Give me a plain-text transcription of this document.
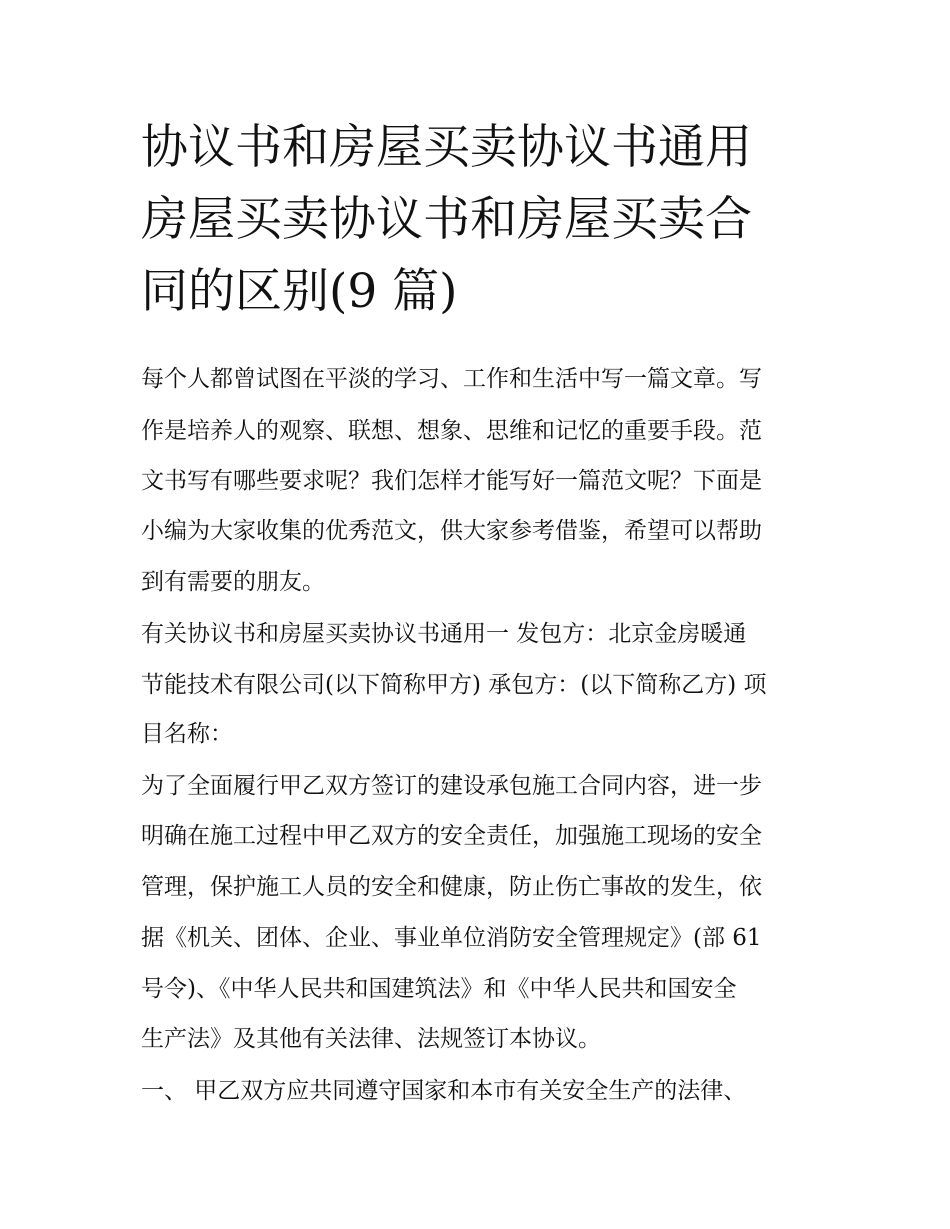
协议书和房屋买卖协议书通用
房屋买卖协议书和房屋买卖合
同的区别(9 篇)
每个人都曾试图在平淡的学习、工作和生活中写一篇文章。写
作是培养人的观察、联想、想象、思维和记忆的重要手段。范
文书写有哪些要求呢？我们怎样才能写好一篇范文呢？下面是
小编为大家收集的优秀范文，供大家参考借鉴，希望可以帮助
到有需要的朋友。
有关协议书和房屋买卖协议书通用一 发包方：北京金房暖通
节能技术有限公司(以下简称甲方) 承包方：(以下简称乙方) 项
目名称：
为了全面履行甲乙双方签订的建设承包施工合同内容，进一步
明确在施工过程中甲乙双方的安全责任，加强施工现场的安全
管理，保护施工人员的安全和健康，防止伤亡事故的发生，依
据《机关、团体、企业、事业单位消防安全管理规定》(部 61
号令)、《中华人民共和国建筑法》和《中华人民共和国安全
生产法》及其他有关法律、法规签订本协议。
一、 甲乙双方应共同遵守国家和本市有关安全生产的法律、
